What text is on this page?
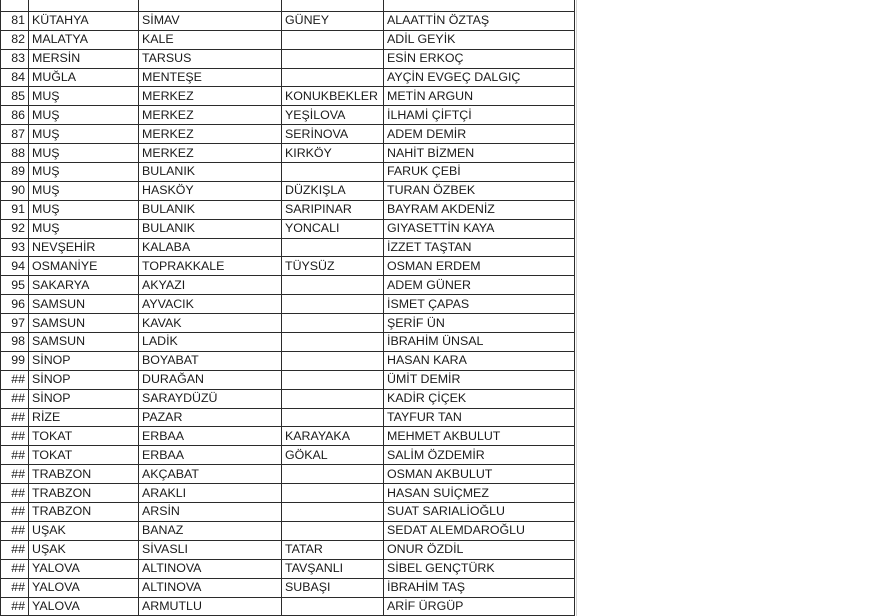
81	KÜTAHYA	SİMAV	GÜNEY	ALAATTİN ÖZTAŞ
82	MALATYA	KALE		ADİL GEYİK
83	MERSİN	TARSUS		ESİN ERKOÇ
84	MUĞLA	MENTEŞE		AYÇİN EVGEÇ DALGIÇ
85	MUŞ	MERKEZ	KONUKBEKLER	METİN ARGUN
86	MUŞ	MERKEZ	YEŞİLOVA	İLHAMİ ÇİFTÇİ
87	MUŞ	MERKEZ	SERİNOVA	ADEM DEMİR
88	MUŞ	MERKEZ	KIRKÖY	NAHİT BİZMEN
89	MUŞ	BULANIK		FARUK ÇEBİ
90	MUŞ	HASKÖY	DÜZKIŞLA	TURAN ÖZBEK
91	MUŞ	BULANIK	SARIPINAR	BAYRAM AKDENİZ
92	MUŞ	BULANIK	YONCALI	GIYASETTİN KAYA
93	NEVŞEHİR	KALABA		İZZET TAŞTAN
94	OSMANİYE	TOPRAKKALE	TÜYSÜZ	OSMAN ERDEM
95	SAKARYA	AKYAZI		ADEM GÜNER
96	SAMSUN	AYVACIK		İSMET ÇAPAS
97	SAMSUN	KAVAK		ŞERİF ÜN
98	SAMSUN	LADİK		İBRAHİM ÜNSAL
99	SİNOP	BOYABAT		HASAN KARA
##	SİNOP	DURAĞAN		ÜMİT DEMİR
##	SİNOP	SARAYDÜZÜ		KADİR ÇİÇEK
##	RİZE	PAZAR		TAYFUR TAN
##	TOKAT	ERBAA	KARAYAKA	MEHMET AKBULUT
##	TOKAT	ERBAA	GÖKAL	SALİM ÖZDEMİR
##	TRABZON	AKÇABAT		OSMAN AKBULUT
##	TRABZON	ARAKLI		HASAN SUİÇMEZ
##	TRABZON	ARSİN		SUAT SARIALİOĞLU
##	UŞAK	BANAZ		SEDAT ALEMDAROĞLU
##	UŞAK	SİVASLI	TATAR	ONUR ÖZDİL
##	YALOVA	ALTINOVA	TAVŞANLI	SİBEL GENÇTÜRK
##	YALOVA	ALTINOVA	SUBAŞI	İBRAHİM TAŞ
##	YALOVA	ARMUTLU		ARİF ÜRGÜP
